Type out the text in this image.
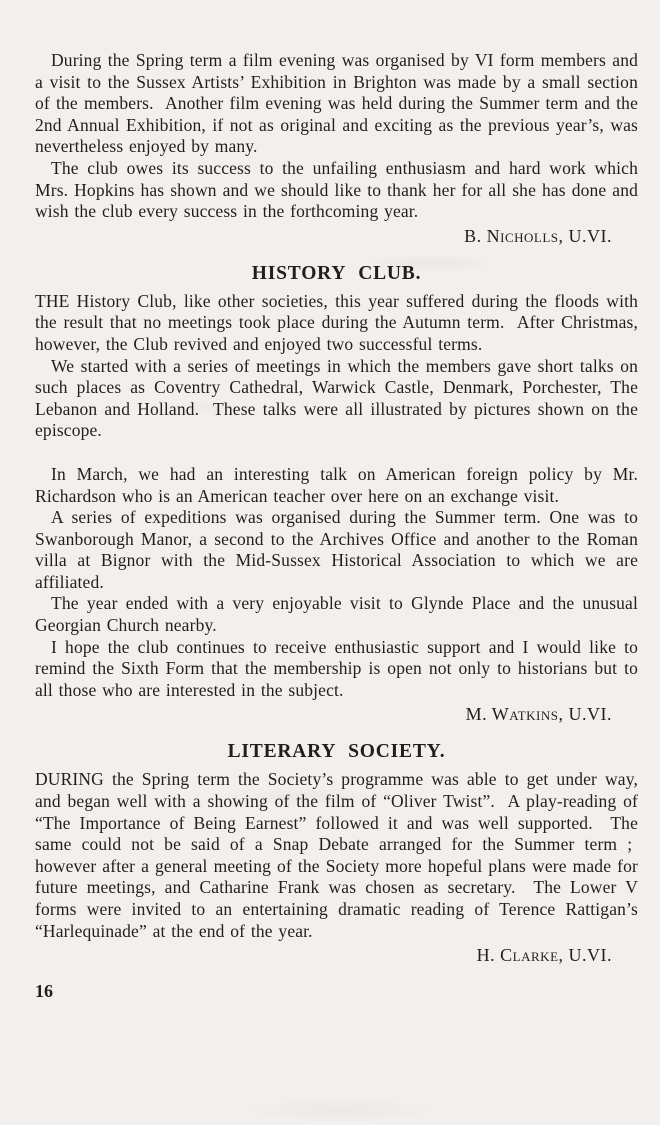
During the Spring term a film evening was organised by VI form members and a visit to the Sussex Artists’ Exhibition in Brighton was made by a small section of the members.  Another film evening was held during the Summer term and the 2nd Annual Exhibition, if not as original and exciting as the previous year’s, was nevertheless enjoyed by many.

The club owes its success to the unfailing enthusiasm and hard work which Mrs. Hopkins has shown and we should like to thank her for all she has done and wish the club every success in the forthcoming year.

B. Nicholls, U.VI.

HISTORY CLUB.

THE History Club, like other societies, this year suffered during the floods with the result that no meetings took place during the Autumn term.  After Christmas, however, the Club revived and enjoyed two successful terms.

We started with a series of meetings in which the members gave short talks on such places as Coventry Cathedral, Warwick Castle, Denmark, Porchester, The Lebanon and Holland.  These talks were all illustrated by pictures shown on the episcope.

In March, we had an interesting talk on American foreign policy by Mr. Richardson who is an American teacher over here on an exchange visit.

A series of expeditions was organised during the Summer term. One was to Swanborough Manor, a second to the Archives Office and another to the Roman villa at Bignor with the Mid-Sussex Historical Association to which we are affiliated.

The year ended with a very enjoyable visit to Glynde Place and the unusual Georgian Church nearby.

I hope the club continues to receive enthusiastic support and I would like to remind the Sixth Form that the membership is open not only to historians but to all those who are interested in the subject.

M. Watkins, U.VI.

LITERARY SOCIETY.

DURING the Spring term the Society’s programme was able to get under way, and began well with a showing of the film of “Oliver Twist”.  A play-reading of “The Importance of Being Earnest” followed it and was well supported.  The same could not be said of a Snap Debate arranged for the Summer term ;  however after a general meeting of the Society more hopeful plans were made for future meetings, and Catharine Frank was chosen as secretary.  The Lower V forms were invited to an entertaining dramatic reading of Terence Rattigan’s “Harlequinade” at the end of the year.

H. Clarke, U.VI.

16
